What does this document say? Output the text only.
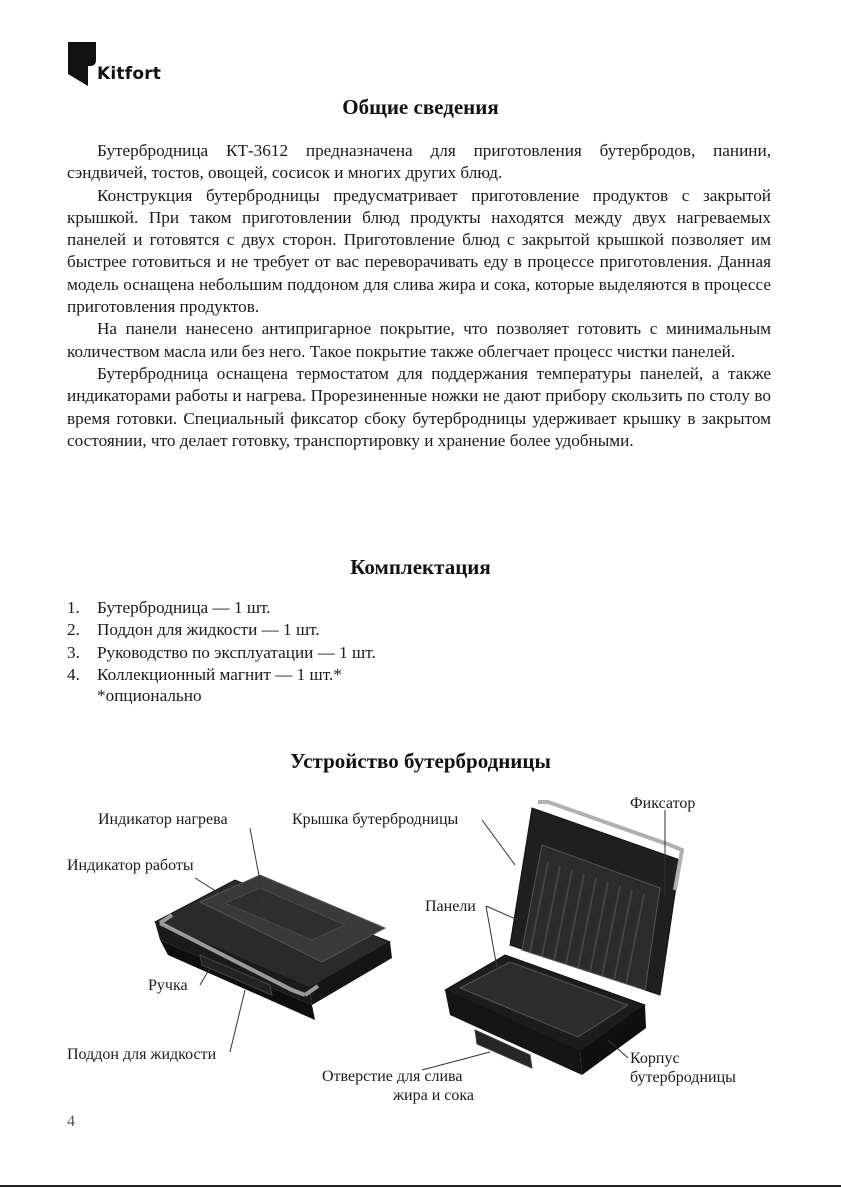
Kitfort
Общие сведения

Бутербродница КТ-3612 предназначена для приготовления бутербродов, панини, сэндвичей, тостов, овощей, сосисок и многих других блюд.

Конструкция бутербродницы предусматривает приготовление продуктов с закрытой крышкой. При таком приготовлении блюд продукты находятся между двух нагреваемых панелей и готовятся с двух сторон. Приготовление блюд с закрытой крышкой позволяет им быстрее готовиться и не требует от вас переворачивать еду в процессе приготовления. Данная модель оснащена небольшим поддоном для слива жира и сока, которые выделяются в процессе приготовления продуктов.

На панели нанесено антипригарное покрытие, что позволяет готовить с минимальным количеством масла или без него. Такое покрытие также облегчает процесс чистки панелей.

Бутербродница оснащена термостатом для поддержания температуры панелей, а также индикаторами работы и нагрева. Прорезиненные ножки не дают прибору скользить по столу во время готовки. Специальный фиксатор сбоку бутербродницы удерживает крышку в закрытом состоянии, что делает готовку, транспортировку и хранение более удобными.

Комплектация
1. Бутербродница — 1 шт.
2. Поддон для жидкости — 1 шт.
3. Руководство по эксплуатации — 1 шт.
4. Коллекционный магнит — 1 шт.*
*опционально
Устройство бутербродницы
Индикатор нагрева
Индикатор работы
Ручка
Поддон для жидкости
Крышка бутербродницы
Фиксатор
Панели
Отверстие для слива
жира и сока
Корпус
бутербродницы
4
